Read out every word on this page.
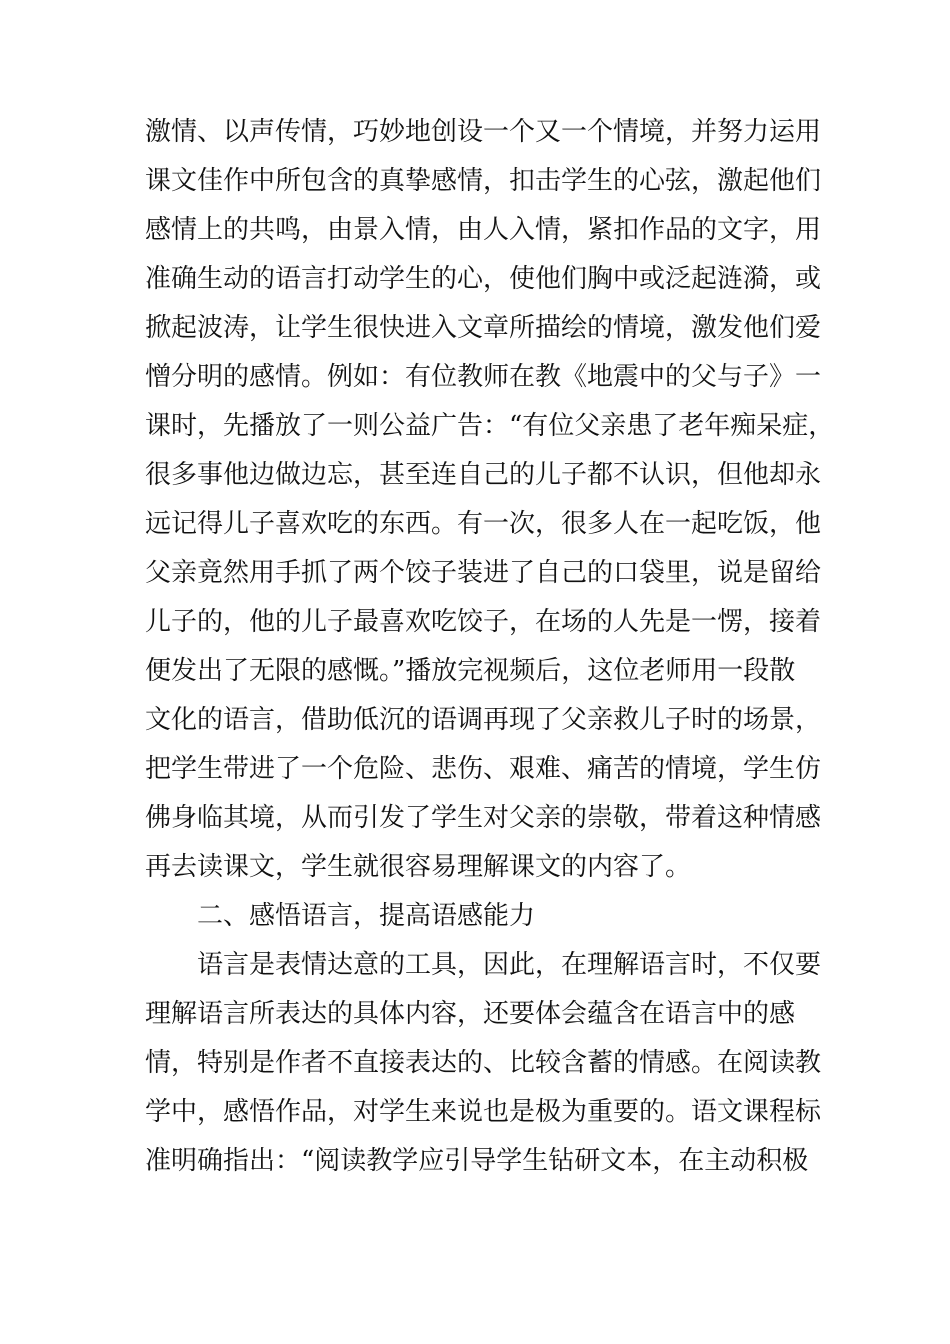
激情、以声传情，巧妙地创设一个又一个情境，并努力运用
课文佳作中所包含的真挚感情，扣击学生的心弦，激起他们
感情上的共鸣，由景入情，由人入情，紧扣作品的文字，用
准确生动的语言打动学生的心，使他们胸中或泛起涟漪，或
掀起波涛，让学生很快进入文章所描绘的情境，激发他们爱
憎分明的感情。例如：有位教师在教《地震中的父与子》一
课时，先播放了一则公益广告：“有位父亲患了老年痴呆症，
很多事他边做边忘，甚至连自己的儿子都不认识，但他却永
远记得儿子喜欢吃的东西。有一次，很多人在一起吃饭，他
父亲竟然用手抓了两个饺子装进了自己的口袋里，说是留给
儿子的，他的儿子最喜欢吃饺子，在场的人先是一愣，接着
便发出了无限的感慨。”播放完视频后，这位老师用一段散
文化的语言，借助低沉的语调再现了父亲救儿子时的场景，
把学生带进了一个危险、悲伤、艰难、痛苦的情境，学生仿
佛身临其境，从而引发了学生对父亲的崇敬，带着这种情感
再去读课文，学生就很容易理解课文的内容了。
二、感悟语言，提高语感能力
语言是表情达意的工具，因此，在理解语言时，不仅要
理解语言所表达的具体内容，还要体会蕴含在语言中的感
情，特别是作者不直接表达的、比较含蓄的情感。在阅读教
学中，感悟作品，对学生来说也是极为重要的。语文课程标
准明确指出：“阅读教学应引导学生钻研文本，在主动积极
